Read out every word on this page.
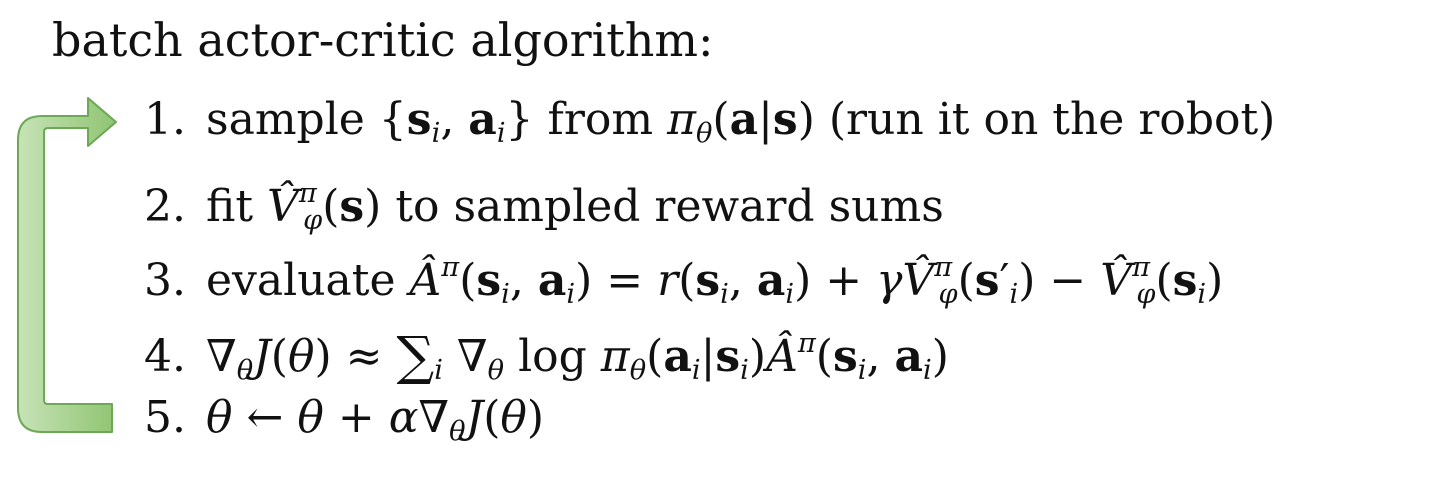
batch actor-critic algorithm:
1. sample {si, ai} from πθ(a|s) (run it on the robot)
2. fit V̂$^\pi$φ(s) to sampled reward sums
3. evaluate $Â^\pi(si$, ai) = r(si, ai) + γV̂$^\pi$φ(s′i) − V̂$^\pi$φ(si)
4. ∇θJ(θ) ≈ ∑i ∇θ $\log \pi\theta(ai|si)Â^\pi(si$, ai)
5. θ ← θ + α∇θJ(θ)
